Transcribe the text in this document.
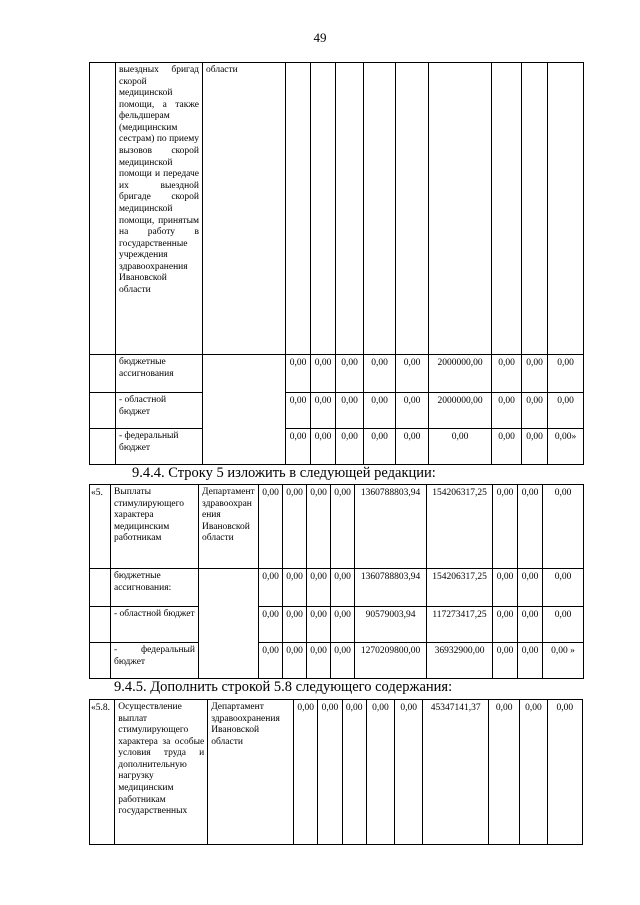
49
	выездных бригад скорой медицинской помощи, а также фельдшерам (медицинским сестрам) по приему вызовов скорой медицинской помощи и передаче их выездной бригаде скорой медицинской помощи, принятым на работу в государственные учреждения здравоохранения Ивановской области	области									
	бюджетные ассигнования		0,00	0,00	0,00	0,00	0,00	2000000,00	0,00	0,00	0,00
	- областной бюджет		0,00	0,00	0,00	0,00	0,00	2000000,00	0,00	0,00	0,00
	- федеральный бюджет		0,00	0,00	0,00	0,00	0,00	0,00	0,00	0,00	0,00»
9.4.4. Строку 5 изложить в следующей редакции:
«5.	Выплаты стимулирующего характера медицинским работникам	Департамент здравоохранения Ивановской области	0,00	0,00	0,00	0,00	1360788803,94	154206317,25	0,00	0,00	0,00
	бюджетные ассигнования:		0,00	0,00	0,00	0,00	1360788803,94	154206317,25	0,00	0,00	0,00
	- областной бюджет		0,00	0,00	0,00	0,00	90579003,94	117273417,25	0,00	0,00	0,00
	- федеральный бюджет		0,00	0,00	0,00	0,00	1270209800,00	36932900,00	0,00	0,00	0,00 »
9.4.5. Дополнить строкой 5.8 следующего содержания:
«5.8.	Осуществление выплат стимулирующего характера за особые условия труда и дополнительную нагрузку медицинским работникам государственных	Департамент здравоохранения Ивановской области	0,00	0,00	0,00	0,00	0,00	45347141,37	0,00	0,00	0,00
